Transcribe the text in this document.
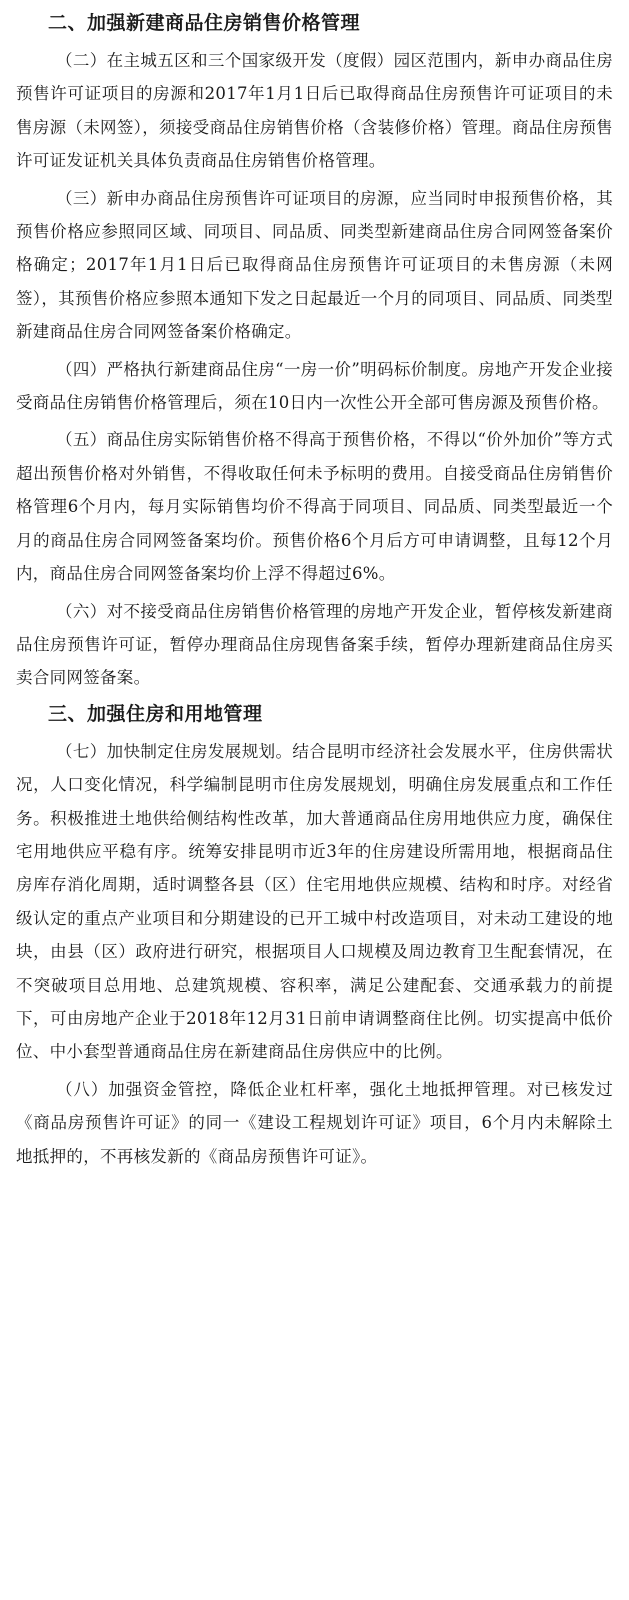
二、加强新建商品住房销售价格管理

（二）在主城五区和三个国家级开发（度假）园区范围内，新申办商品住房预售许可证项目的房源和2017年1月1日后已取得商品住房预售许可证项目的未售房源（未网签），须接受商品住房销售价格（含装修价格）管理。商品住房预售许可证发证机关具体负责商品住房销售价格管理。

（三）新申办商品住房预售许可证项目的房源，应当同时申报预售价格，其预售价格应参照同区域、同项目、同品质、同类型新建商品住房合同网签备案价格确定；2017年1月1日后已取得商品住房预售许可证项目的未售房源（未网签），其预售价格应参照本通知下发之日起最近一个月的同项目、同品质、同类型新建商品住房合同网签备案价格确定。

（四）严格执行新建商品住房“一房一价”明码标价制度。房地产开发企业接受商品住房销售价格管理后，须在10日内一次性公开全部可售房源及预售价格。

（五）商品住房实际销售价格不得高于预售价格，不得以“价外加价”等方式超出预售价格对外销售，不得收取任何未予标明的费用。自接受商品住房销售价格管理6个月内，每月实际销售均价不得高于同项目、同品质、同类型最近一个月的商品住房合同网签备案均价。预售价格6个月后方可申请调整，且每12个月内，商品住房合同网签备案均价上浮不得超过6%。

（六）对不接受商品住房销售价格管理的房地产开发企业，暂停核发新建商品住房预售许可证，暂停办理商品住房现售备案手续，暂停办理新建商品住房买卖合同网签备案。

三、加强住房和用地管理

（七）加快制定住房发展规划。结合昆明市经济社会发展水平，住房供需状况，人口变化情况，科学编制昆明市住房发展规划，明确住房发展重点和工作任务。积极推进土地供给侧结构性改革，加大普通商品住房用地供应力度，确保住宅用地供应平稳有序。统筹安排昆明市近3年的住房建设所需用地，根据商品住房库存消化周期，适时调整各县（区）住宅用地供应规模、结构和时序。对经省级认定的重点产业项目和分期建设的已开工城中村改造项目，对未动工建设的地块，由县（区）政府进行研究，根据项目人口规模及周边教育卫生配套情况，在不突破项目总用地、总建筑规模、容积率，满足公建配套、交通承载力的前提下，可由房地产企业于2018年12月31日前申请调整商住比例。切实提高中低价位、中小套型普通商品住房在新建商品住房供应中的比例。

（八）加强资金管控，降低企业杠杆率，强化土地抵押管理。对已核发过《商品房预售许可证》的同一《建设工程规划许可证》项目，6个月内未解除土地抵押的，不再核发新的《商品房预售许可证》。
